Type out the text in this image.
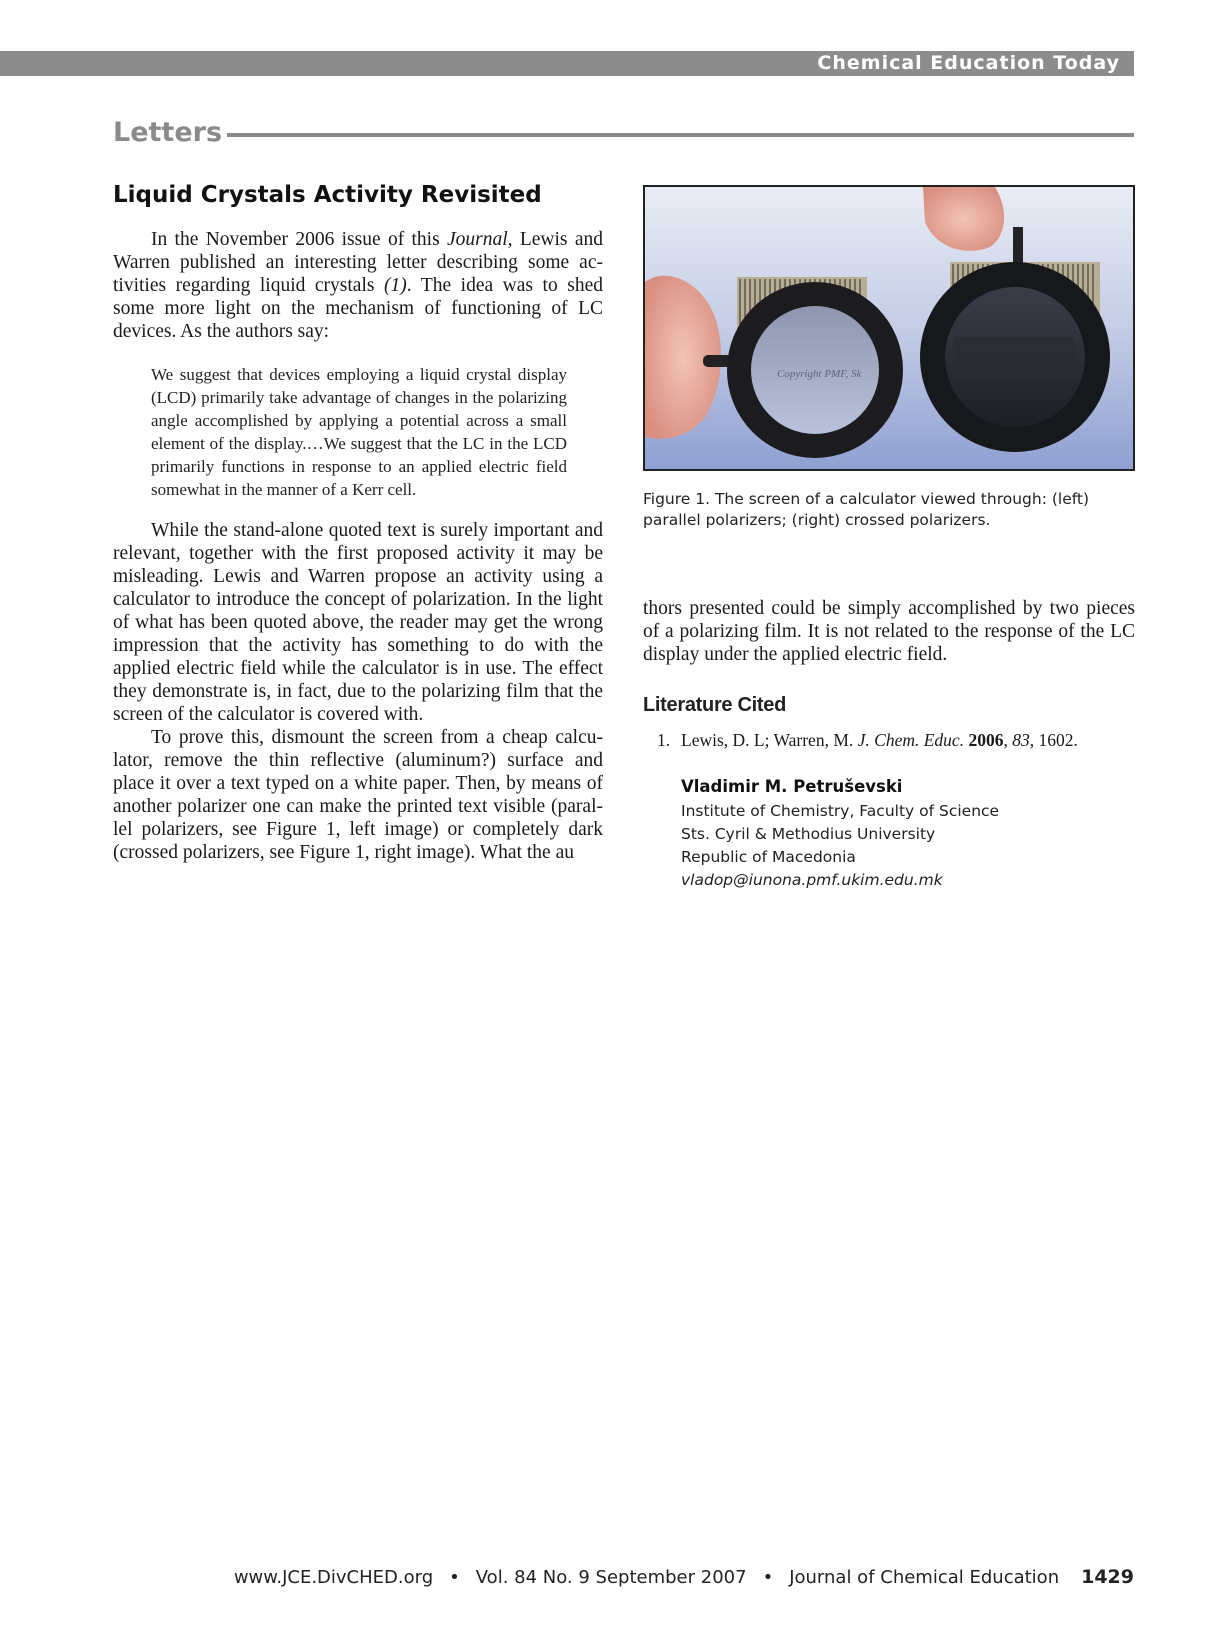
Chemical Education Today
Letters
Liquid Crystals Activity Revisited

In the November 2006 issue of this Journal, Lewis and Warren published an interesting letter describing some activities regarding liquid crystals (1). The idea was to shed some more light on the mechanism of functioning of LC devices. As the authors say:

We suggest that devices employing a liquid crystal display (LCD) primarily take advantage of changes in the polarizing angle accomplished by applying a potential across a small element of the display.…We suggest that the LC in the LCD primarily functions in response to an applied electric field somewhat in the manner of a Kerr cell.

While the stand-alone quoted text is surely important and relevant, together with the first proposed activity it may be misleading. Lewis and Warren propose an activity using a calculator to introduce the concept of polarization. In the light of what has been quoted above, the reader may get the wrong impression that the activity has something to do with the applied electric field while the calculator is in use. The effect they demonstrate is, in fact, due to the polarizing film that the screen of the calculator is covered with.

To prove this, dismount the screen from a cheap calculator, remove the thin reflective (aluminum?) surface and place it over a text typed on a white paper. Then, by means of another polarizer one can make the printed text visible (parallel polarizers, see Figure 1, left image) or completely dark (crossed polarizers, see Figure 1, right image). What the au

Copyright PMF, Sk
Figure 1. The screen of a calculator viewed through: (left) parallel polarizers; (right) crossed polarizers.

thors presented could be simply accomplished by two pieces of a polarizing film. It is not related to the response of the LC display under the applied electric field.

Literature Cited
1. Lewis, D. L; Warren, M. J. Chem. Educ. 2006, 83, 1602.
Vladimir M. Petruševski
Institute of Chemistry, Faculty of Science
Sts. Cyril & Methodius University
Republic of Macedonia
vladop@iunona.pmf.ukim.edu.mk
www.JCE.DivCHED.org • Vol. 84 No. 9 September 2007 • Journal of Chemical Education 1429
